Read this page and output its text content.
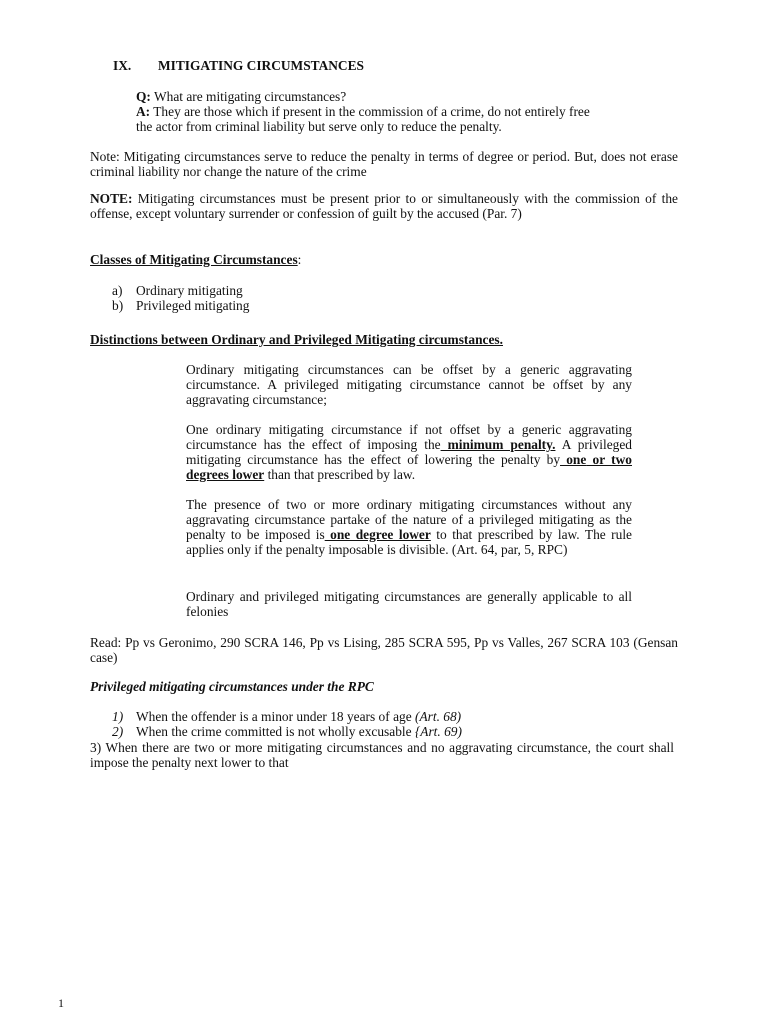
IX. MITIGATING CIRCUMSTANCES
Q: What are mitigating circumstances?
A: They are those which if present in the commission of a crime, do not entirely free
the actor from criminal liability but serve only to reduce the penalty.
Note: Mitigating circumstances serve to reduce the penalty in terms of degree or period. But, does not erase criminal liability nor change the nature of the crime
NOTE: Mitigating circumstances must be present prior to or simultaneously with the commission of the offense, except voluntary surrender or confession of guilt by the accused (Par. 7)
Classes of Mitigating Circumstances:
a) Ordinary mitigating
b) Privileged mitigating
Distinctions between Ordinary and Privileged Mitigating circumstances.
Ordinary mitigating circumstances can be offset by a generic aggravating circumstance. A privileged mitigating circumstance cannot be offset by any aggravating circumstance;
One ordinary mitigating circumstance if not offset by a generic aggravating circumstance has the effect of imposing the minimum penalty. A privileged mitigating circumstance has the effect of lowering the penalty by one or two degrees lower than that prescribed by law.
The presence of two or more ordinary mitigating circumstances without any aggravating circumstance partake of the nature of a privileged mitigating as the penalty to be imposed is one degree lower to that prescribed by law. The rule applies only if the penalty imposable is divisible. (Art. 64, par, 5, RPC)
Ordinary and privileged mitigating circumstances are generally applicable to all felonies
Read: Pp vs Geronimo, 290 SCRA 146, Pp vs Lising, 285 SCRA 595, Pp vs Valles, 267 SCRA 103 (Gensan case)
Privileged mitigating circumstances under the RPC
1) When the offender is a minor under 18 years of age (Art. 68)
2) When the crime committed is not wholly excusable {Art. 69)
3) When there are two or more mitigating circumstances and no aggravating circumstance, the court shall impose the penalty next lower to that
1
